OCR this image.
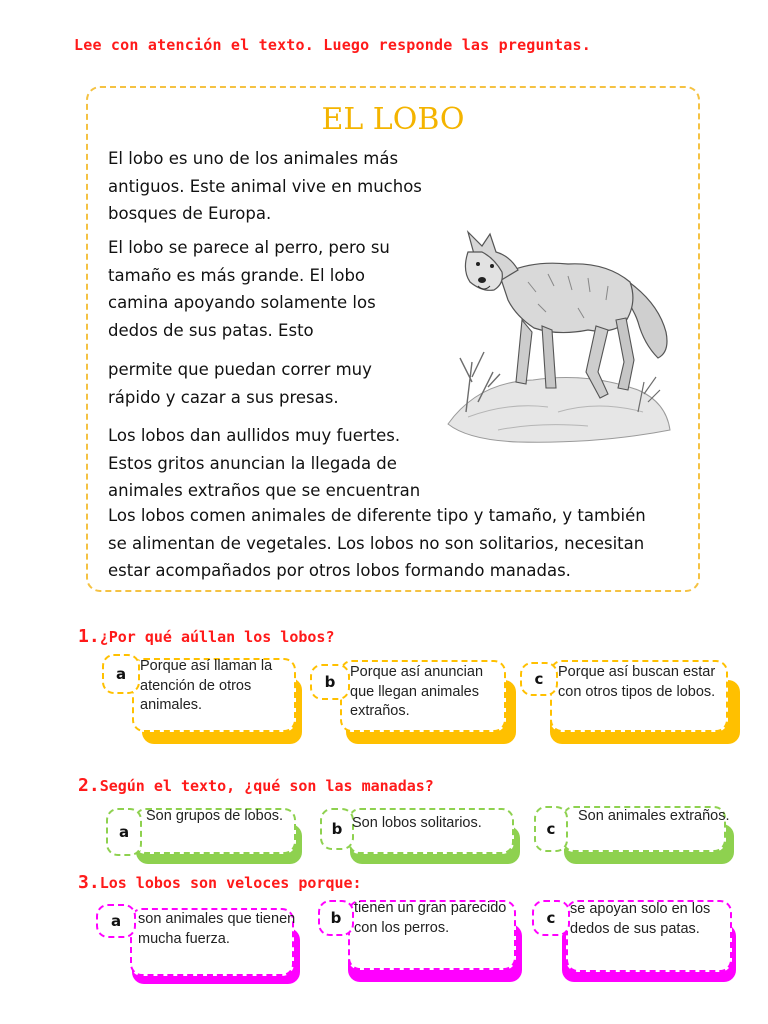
Lee con atención el texto. Luego responde las preguntas.
EL LOBO

El lobo es uno de los animales más
antiguos. Este animal vive en muchos
bosques de Europa.

El lobo se parece al perro, pero su
tamaño es más grande. El lobo
camina apoyando solamente los
dedos de sus patas. Esto

permite que puedan correr muy
rápido y cazar a sus presas.

Los lobos dan aullidos muy fuertes.
Estos gritos anuncian la llegada de
animales extraños que se encuentran

Los lobos comen animales de diferente tipo y tamaño, y también
se alimentan de vegetales. Los lobos no son solitarios, necesitan
estar acompañados por otros lobos formando manadas.

1.¿Por qué aúllan los lobos?
2.Según el texto, ¿qué son las manadas?
3.Los lobos son veloces porque:
a Porque así llaman la
atención de otros
animales.
b
Porque así anuncian
que llegan animales
extraños.
c	Porque así buscan estar
con otros tipos de lobos.
a
Son grupos de lobos.
b Son lobos solitarios.	c
Son animales extraños.
a	son animales que tienen
mucha fuerza.
b
tienen un gran parecido
con los perros.
c	se apoyan solo en los
dedos de sus patas.
